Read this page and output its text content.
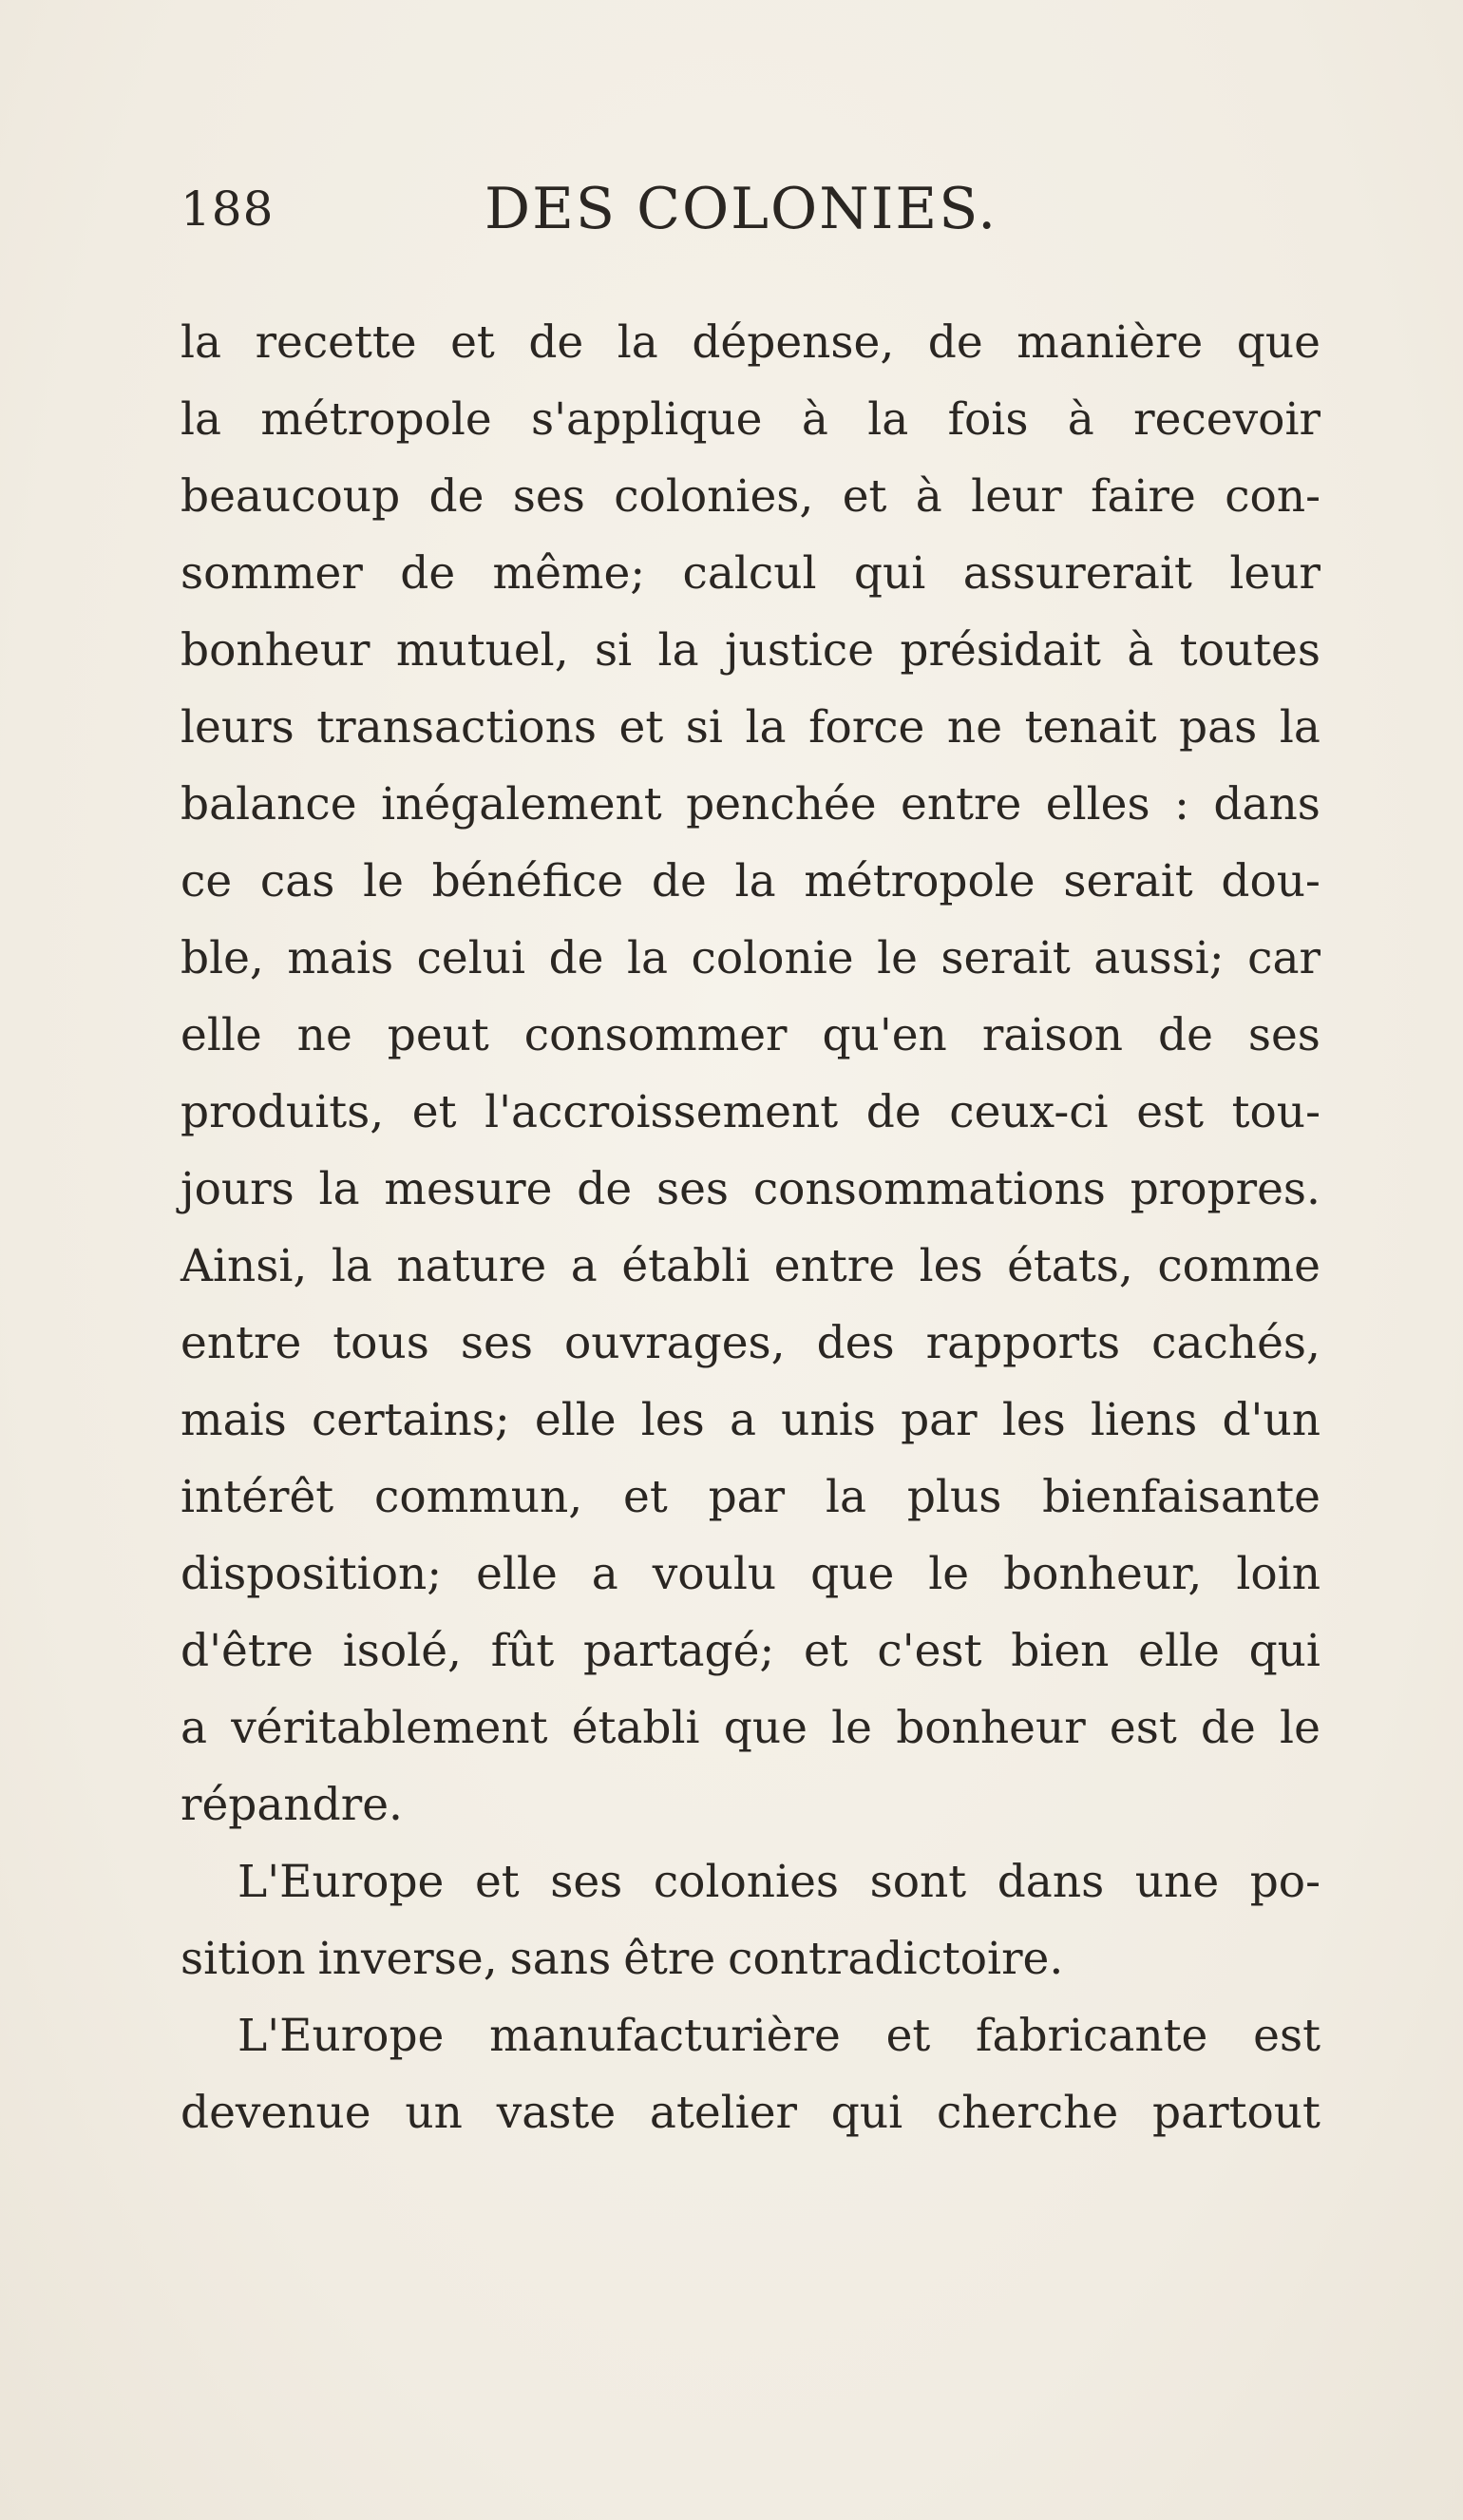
188	DES COLONIES.
la recette et de la dépense, de manière que
la métropole s'applique à la fois à recevoir
beaucoup de ses colonies, et à leur faire con-
sommer de même; calcul qui assurerait leur
bonheur mutuel, si la justice présidait à toutes
leurs transactions et si la force ne tenait pas la
balance inégalement penchée entre elles : dans
ce cas le bénéfice de la métropole serait dou-
ble, mais celui de la colonie le serait aussi; car
elle ne peut consommer qu'en raison de ses
produits, et l'accroissement de ceux-ci est tou-
jours la mesure de ses consommations propres.
Ainsi, la nature a établi entre les états, comme
entre tous ses ouvrages, des rapports cachés,
mais certains; elle les a unis par les liens d'un
intérêt commun, et par la plus bienfaisante
disposition; elle a voulu que le bonheur, loin
d'être isolé, fût partagé; et c'est bien elle qui
a véritablement établi que le bonheur est de le
répandre.
L'Europe et ses colonies sont dans une po-
sition inverse, sans être contradictoire.
L'Europe manufacturière et fabricante est
devenue un vaste atelier qui cherche partout
